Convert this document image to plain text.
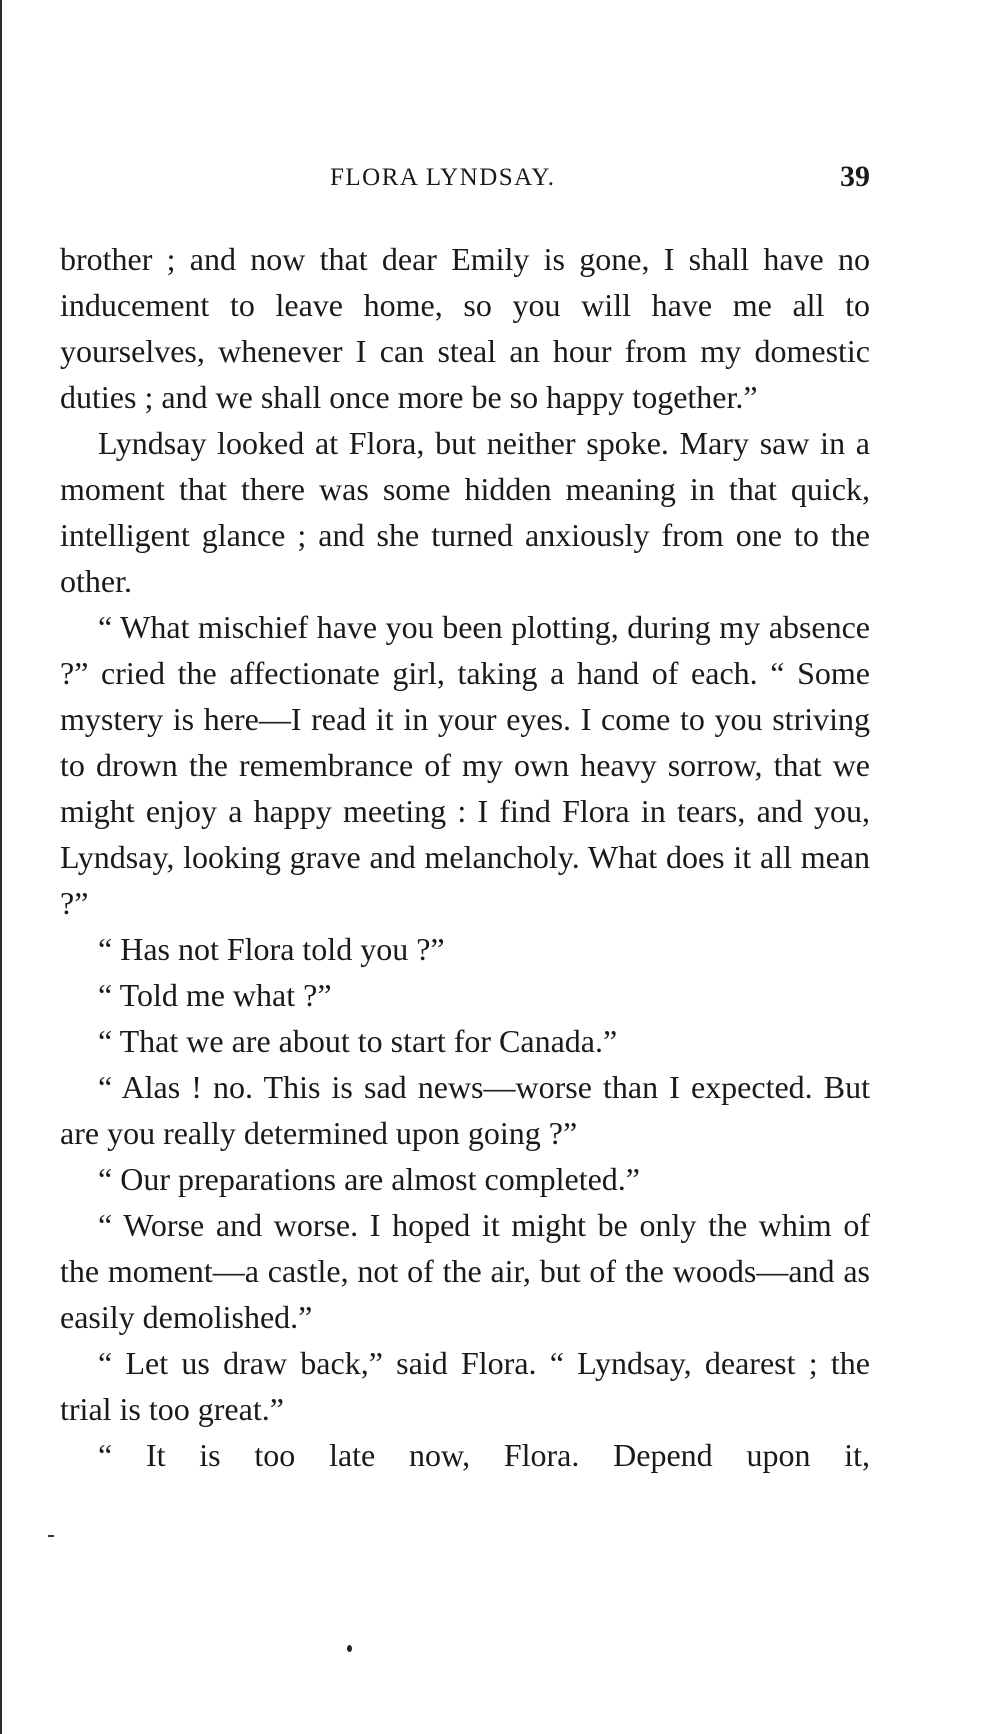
FLORA LYNDSAY.	39

brother ; and now that dear Emily is gone, I shall have no inducement to leave home, so you will have me all to yourselves, whenever I can steal an hour from my domestic duties ; and we shall once more be so happy together.”

Lyndsay looked at Flora, but neither spoke. Mary saw in a moment that there was some hidden meaning in that quick, intelligent glance ; and she turned anxiously from one to the other.

“ What mischief have you been plotting, during my absence ?” cried the affectionate girl, taking a hand of each. “ Some mystery is here—I read it in your eyes. I come to you striving to drown the remembrance of my own heavy sorrow, that we might enjoy a happy meeting : I find Flora in tears, and you, Lyndsay, looking grave and melancholy. What does it all mean ?”

“ Has not Flora told you ?”

“ Told me what ?”

“ That we are about to start for Canada.”

“ Alas ! no. This is sad news—worse than I expected. But are you really determined upon going ?”

“ Our preparations are almost completed.”

“ Worse and worse. I hoped it might be only the whim of the moment—a castle, not of the air, but of the woods—and as easily demolished.”

“ Let us draw back,” said Flora. “ Lyndsay, dearest ; the trial is too great.”

“ It is too late now, Flora. Depend upon it,
